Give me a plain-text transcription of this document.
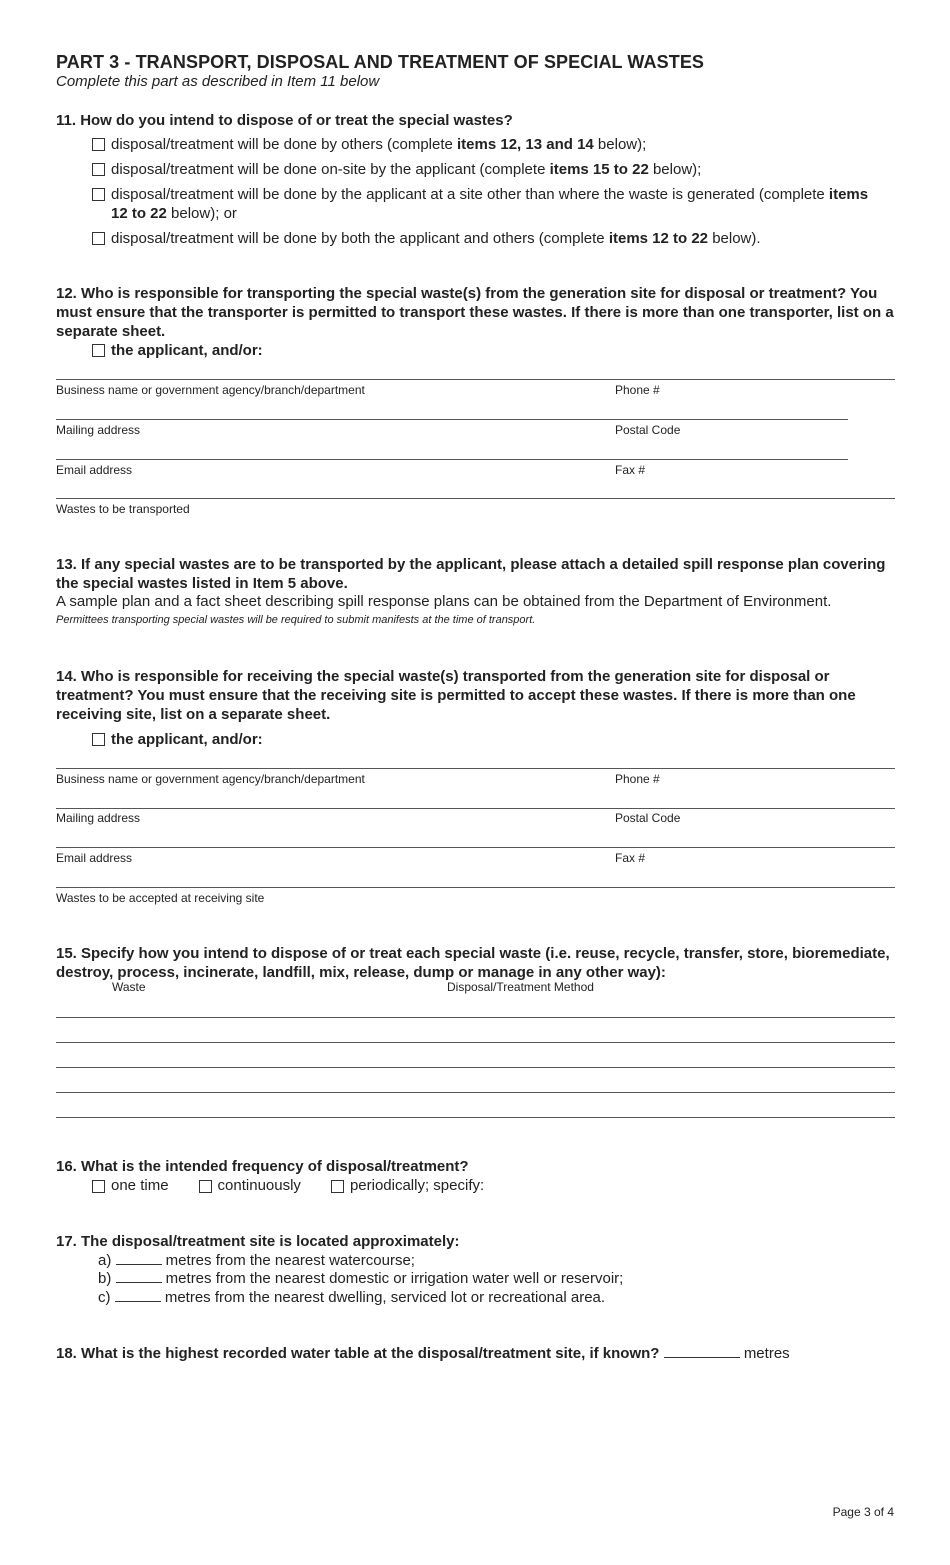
PART 3 - TRANSPORT, DISPOSAL AND TREATMENT OF SPECIAL WASTES
Complete this part as described in Item 11 below
11. How do you intend to dispose of or treat the special wastes?
disposal/treatment will be done by others (complete items 12, 13 and 14 below);
disposal/treatment will be done on-site by the applicant (complete items 15 to 22 below);
disposal/treatment will be done by the applicant at a site other than where the waste is generated (complete items 12 to 22 below); or
disposal/treatment will be done by both the applicant and others (complete items 12 to 22 below).
12. Who is responsible for transporting the special waste(s) from the generation site for disposal or treatment? You must ensure that the transporter is permitted to transport these wastes. If there is more than one transporter, list on a separate sheet.
the applicant, and/or:
Business name or government agency/branch/department	Phone #
Mailing address	Postal Code
Email address	Fax #
Wastes to be transported
13. If any special wastes are to be transported by the applicant, please attach a detailed spill response plan covering the special wastes listed in Item 5 above.
A sample plan and a fact sheet describing spill response plans can be obtained from the Department of Environment.
Permittees transporting special wastes will be required to submit manifests at the time of transport.
14. Who is responsible for receiving the special waste(s) transported from the generation site for disposal or treatment? You must ensure that the receiving site is permitted to accept these wastes. If there is more than one receiving site, list on a separate sheet.
the applicant, and/or:
Business name or government agency/branch/department	Phone #
Mailing address	Postal Code
Email address	Fax #
Wastes to be accepted at receiving site
15. Specify how you intend to dispose of or treat each special waste (i.e. reuse, recycle, transfer, store, bioremediate, destroy, process, incinerate, landfill, mix, release, dump or manage in any other way):
Waste	Disposal/Treatment Method
16. What is the intended frequency of disposal/treatment?
one time	continuously	periodically; specify:
17. The disposal/treatment site is located approximately:
a)	metres from the nearest watercourse;
b)	metres from the nearest domestic or irrigation water well or reservoir;
c)	metres from the nearest dwelling, serviced lot or recreational area.
18. What is the highest recorded water table at the disposal/treatment site, if known?	metres
Page 3 of 4
